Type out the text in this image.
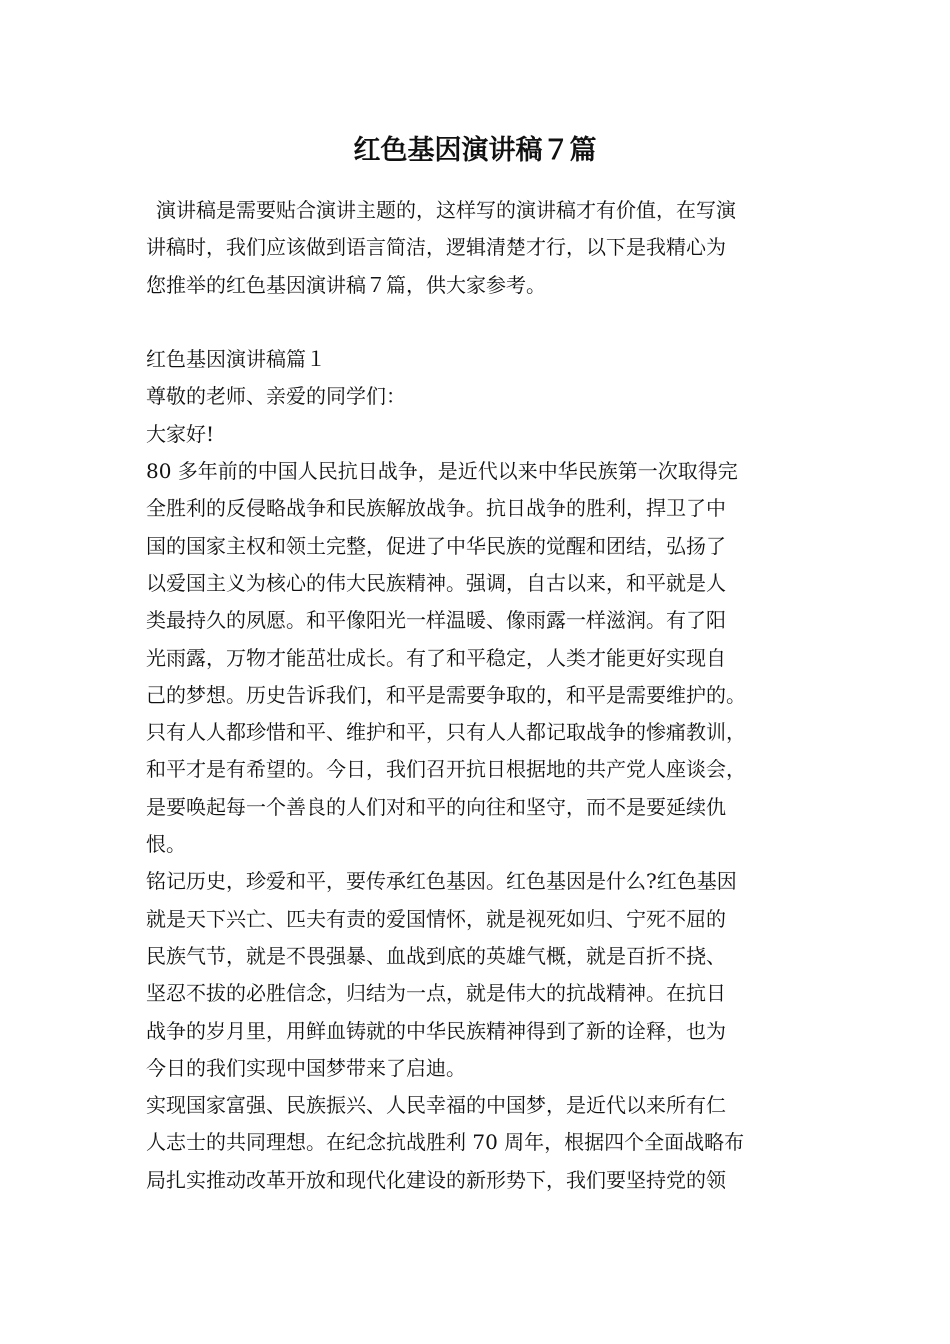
红色基因演讲稿７篇
演讲稿是需要贴合演讲主题的，这样写的演讲稿才有价值，在写演
讲稿时，我们应该做到语言简洁，逻辑清楚才行，以下是我精心为
您推举的红色基因演讲稿７篇，供大家参考。
红色基因演讲稿篇１
尊敬的老师、亲爱的同学们：
大家好!
80 多年前的中国人民抗日战争，是近代以来中华民族第一次取得完
全胜利的反侵略战争和民族解放战争。抗日战争的胜利，捍卫了中
国的国家主权和领土完整，促进了中华民族的觉醒和团结，弘扬了
以爱国主义为核心的伟大民族精神。强调，自古以来，和平就是人
类最持久的夙愿。和平像阳光一样温暖、像雨露一样滋润。有了阳
光雨露，万物才能茁壮成长。有了和平稳定，人类才能更好实现自
己的梦想。历史告诉我们，和平是需要争取的，和平是需要维护的。
只有人人都珍惜和平、维护和平，只有人人都记取战争的惨痛教训，
和平才是有希望的。今日，我们召开抗日根据地的共产党人座谈会，
是要唤起每一个善良的人们对和平的向往和坚守，而不是要延续仇
恨。
铭记历史，珍爱和平，要传承红色基因。红色基因是什么?红色基因
就是天下兴亡、匹夫有责的爱国情怀，就是视死如归、宁死不屈的
民族气节，就是不畏强暴、血战到底的英雄气概，就是百折不挠、
坚忍不拔的必胜信念，归结为一点，就是伟大的抗战精神。在抗日
战争的岁月里，用鲜血铸就的中华民族精神得到了新的诠释，也为
今日的我们实现中国梦带来了启迪。
实现国家富强、民族振兴、人民幸福的中国梦，是近代以来所有仁
人志士的共同理想。在纪念抗战胜利 70 周年，根据四个全面战略布
局扎实推动改革开放和现代化建设的新形势下，我们要坚持党的领
